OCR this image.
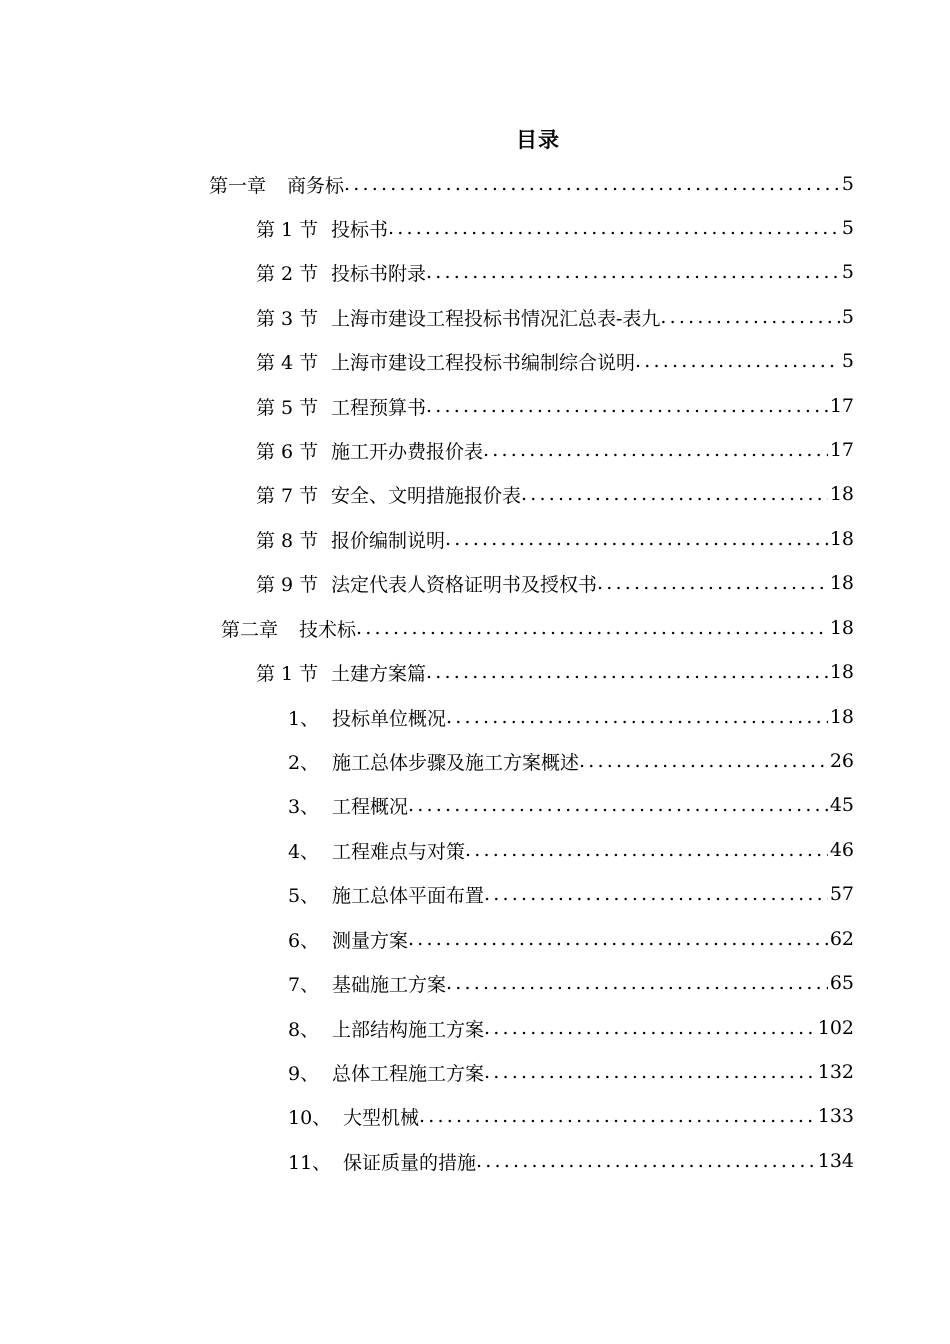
目录
第一章	商务标 .....	5
第 1 节 投标书 .....	5
第 2 节 投标书附录 .....	5
第 3 节 上海市建设工程投标书情况汇总表-表九 .....	5
第 4 节 上海市建设工程投标书编制综合说明 .....	5
第 5 节 工程预算书 .....	17
第 6 节 施工开办费报价表 .....	17
第 7 节 安全、文明措施报价表 .....	18
第 8 节 报价编制说明 .....	18
第 9 节 法定代表人资格证明书及授权书 .....	18
第二章	技术标 .....	18
第 1 节 土建方案篇 .....	18
1、 投标单位概况 .....	18
2、 施工总体步骤及施工方案概述 .....	26
3、 工程概况 .....	45
4、 工程难点与对策 .....	46
5、 施工总体平面布置 .....	57
6、 测量方案 .....	62
7、 基础施工方案 .....	65
8、 上部结构施工方案 .....	102
9、 总体工程施工方案 .....	132
10、 大型机械 .....	133
11、 保证质量的措施 .....	134
